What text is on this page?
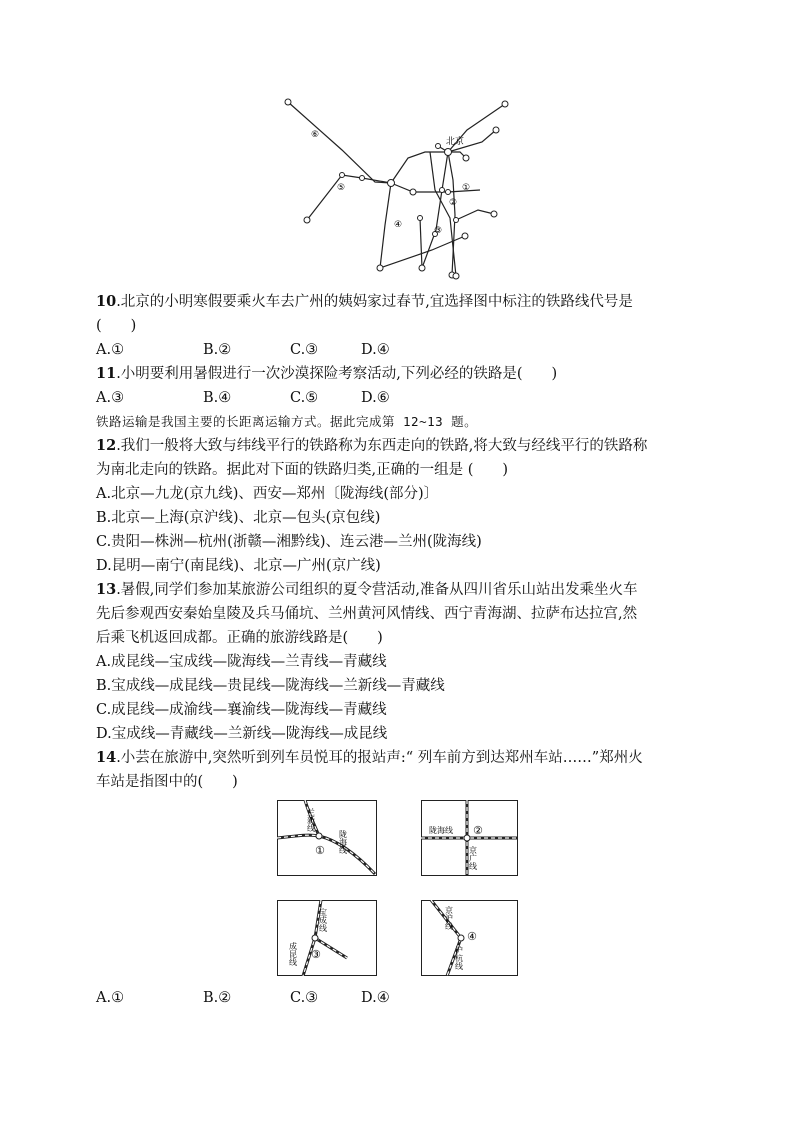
北京
⑥
⑤
④
③
②
①
10.北京的小明寒假要乘火车去广州的姨妈家过春节,宜选择图中标注的铁路线代号是
(　　)
A.①	B.②	C.③	D.④
11.小明要利用暑假进行一次沙漠探险考察活动,下列必经的铁路是(　　)
A.③	B.④	C.⑤	D.⑥
铁路运输是我国主要的长距离运输方式。据此完成第 12~13 题。
12.我们一般将大致与纬线平行的铁路称为东西走向的铁路,将大致与经线平行的铁路称
为南北走向的铁路。据此对下面的铁路归类,正确的一组是 (　　)
A.北京—九龙(京九线)、西安—郑州〔陇海线(部分)〕
B.北京—上海(京沪线)、北京—包头(京包线)
C.贵阳—株洲—杭州(浙赣—湘黔线)、连云港—兰州(陇海线)
D.昆明—南宁(南昆线)、北京—广州(京广线)
13.暑假,同学们参加某旅游公司组织的夏令营活动,准备从四川省乐山站出发乘坐火车
先后参观西安秦始皇陵及兵马俑坑、兰州黄河风情线、西宁青海湖、拉萨布达拉宫,然
后乘飞机返回成都。正确的旅游线路是(　　)
A.成昆线—宝成线—陇海线—兰青线—青藏线
B.宝成线—成昆线—贵昆线—陇海线—兰新线—青藏线
C.成昆线—成渝线—襄渝线—陇海线—青藏线
D.宝成线—青藏线—兰新线—陇海线—成昆线
14.小芸在旅游中,突然听到列车员悦耳的报站声:“ 列车前方到达郑州车站……”郑州火
车站是指图中的(　　)
兰新线
陇海线
①
陇海线
京广线
②
宝成线
成昆线 ③
京沪线
沪杭线
④
A.①	B.②	C.③	D.④
